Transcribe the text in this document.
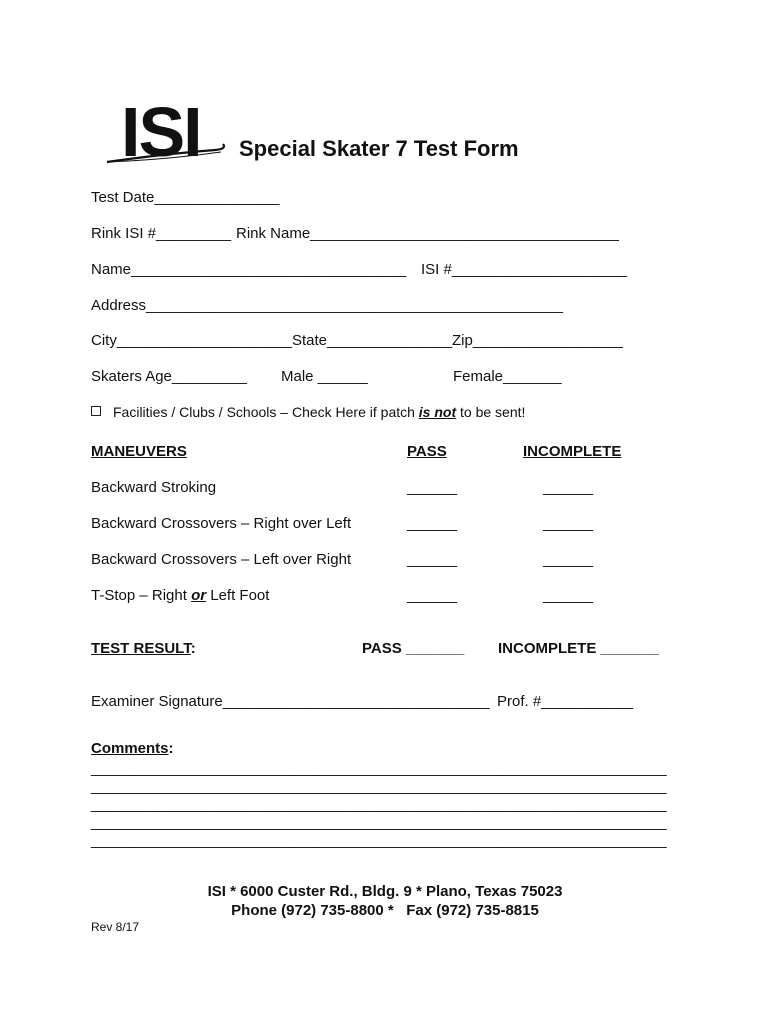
ISI Special Skater 7 Test Form
Test Date_______________
Rink ISI #_________ Rink Name_____________________________________
Name_________________________________ ISI #_____________________
Address__________________________________________________
City_____________________ State_______________ Zip__________________
Skaters Age_________ Male ______	Female_______
Facilities / Clubs / Schools – Check Here if patch is not to be sent!
MANEUVERS	PASS	INCOMPLETE
Backward Stroking	______	______
Backward Crossovers – Right over Left	______	______
Backward Crossovers – Left over Right	______	______
T-Stop – Right or Left Foot	______	______
TEST RESULT:	PASS _______ INCOMPLETE _______
Examiner Signature________________________________ Prof. #___________
Comments:
_____________________________________________________________________
_____________________________________________________________________
_____________________________________________________________________
_____________________________________________________________________
_____________________________________________________________________
ISI * 6000 Custer Rd., Bldg. 9 * Plano, Texas 75023
Phone (972) 735-8800 *   Fax (972) 735-8815
Rev 8/17
